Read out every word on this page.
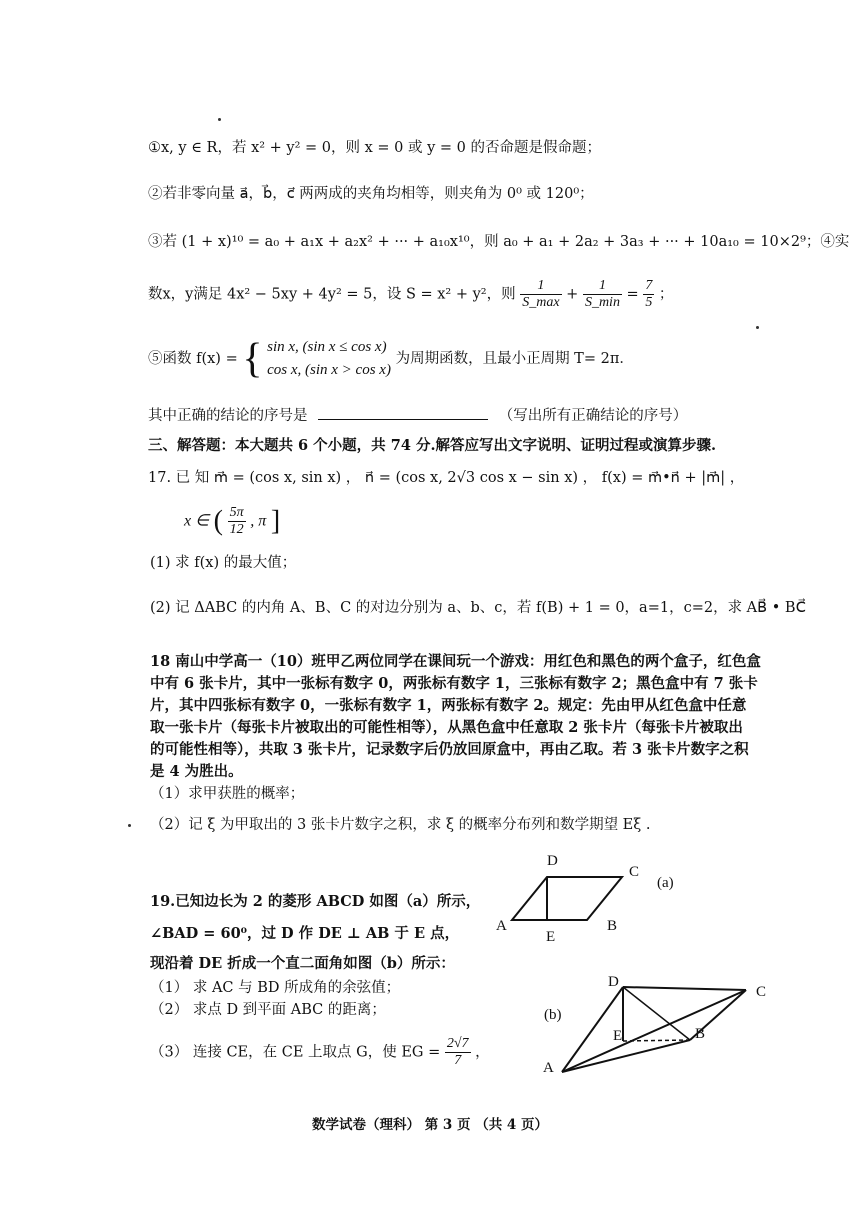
①x, y ∈ R，若 x² + y² = 0，则 x = 0 或 y = 0 的否命题是假命题；
②若非零向量 a⃗，b⃗，c⃗ 两两成的夹角均相等，则夹角为 0⁰ 或 120⁰；
③若 (1 + x)¹⁰ = a₀ + a₁x + a₂x² + ··· + a₁₀x¹⁰，则 a₀ + a₁ + 2a₂ + 3a₃ + ··· + 10a₁₀ = 10×2⁹；④实
数x，y满足 4x² − 5xy + 4y² = 5，设 S = x² + y²，则 $\frac{1}{S\_\max} + \frac{1}{S\_\min} = \frac{7}{5}$ ；
⑤函数 f(x) = { sin x, (sin x ≤ cos x)
cos x, (sin x > cos x)
为周期函数，且最小正周期 T= 2π．
其中正确的结论的序号是	（写出所有正确结论的序号）
三、解答题：本大题共 6 个小题，共 74 分.解答应写出文字说明、证明过程或演算步骤.
17. 已 知 m⃗ = (cos x, sin x) ， n⃗ = (cos x, 2√3 cos x − sin x) ， f(x) = m⃗•n⃗ + |m⃗| ，
x ∈ ( $\frac{5\pi}{12}$ , π ]
(1) 求 f(x) 的最大值；
(2) 记 ΔABC 的内角 A、B、C 的对边分别为 a、b、c，若 f(B) + 1 = 0，a=1，c=2，求 AB⃗ • BC⃗
18 南山中学高一（10）班甲乙两位同学在课间玩一个游戏：用红色和黑色的两个盒子，红色盒
中有 6 张卡片，其中一张标有数字 0，两张标有数字 1，三张标有数字 2；黑色盒中有 7 张卡
片，其中四张标有数字 0，一张标有数字 1，两张标有数字 2。规定：先由甲从红色盒中任意
取一张卡片（每张卡片被取出的可能性相等），从黑色盒中任意取 2 张卡片（每张卡片被取出
的可能性相等），共取 3 张卡片，记录数字后仍放回原盒中，再由乙取。若 3 张卡片数字之积
是 4 为胜出。
（1）求甲获胜的概率；
（2）记 ξ 为甲取出的 3 张卡片数字之积，求 ξ 的概率分布列和数学期望 Eξ .
19.已知边长为 2 的菱形 ABCD 如图（a）所示，
∠BAD = 60⁰，过 D 作 DE ⊥ AB 于 E 点，
现沿着 DE 折成一个直二面角如图（b）所示：
（1） 求 AC 与 BD 所成角的余弦值；
（2） 求点 D 到平面 ABC 的距离；
（3） 连接 CE，在 CE 上取点 G，使 EG = $\frac{2√7}{7}$ ，
D
C
(a)
A
E
B
D
C
(b)
E	B
A
数学试卷（理科） 第 3 页 （共 4 页）
